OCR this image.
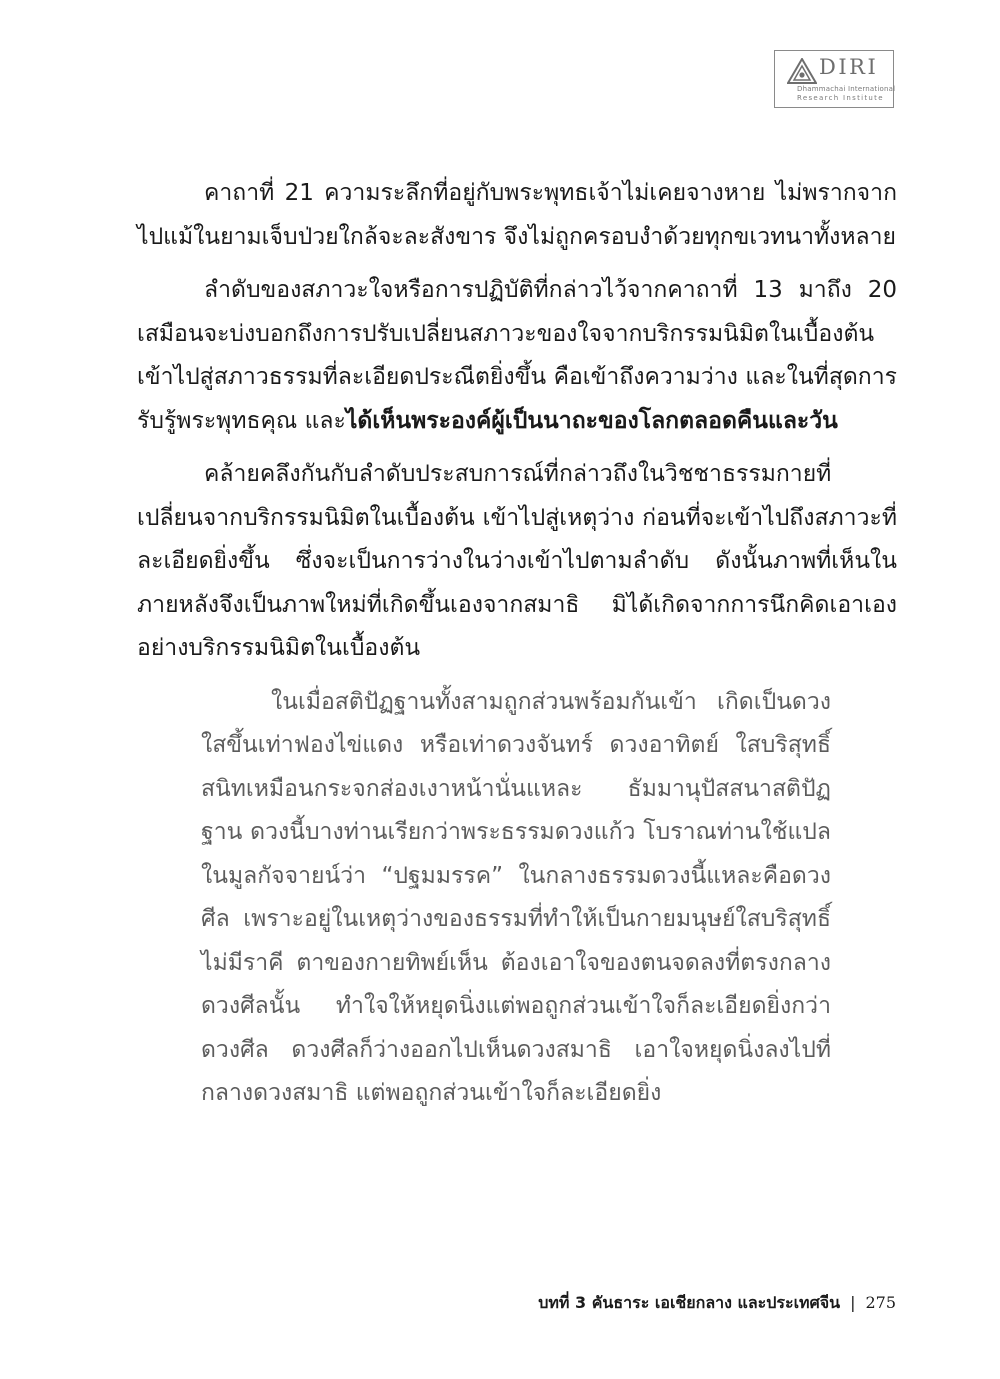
DIRI
Dhammachai International
Research Institute

คาถาที่ 21 ความระลึกที่อยู่กับพระพุทธเจ้าไม่เคยจางหาย ไม่พรากจากไปแม้ในยามเจ็บป่วยใกล้จะละสังขาร จึงไม่ถูกครอบงำด้วยทุกขเวทนาทั้งหลาย

ลำดับของสภาวะใจหรือการปฏิบัติที่กล่าวไว้จากคาถาที่ 13 มาถึง 20 เสมือนจะบ่งบอกถึงการปรับเปลี่ยนสภาวะของใจจากบริกรรมนิมิตในเบื้องต้นเข้าไปสู่สภาวธรรมที่ละเอียดประณีตยิ่งขึ้น คือเข้าถึงความว่าง และในที่สุดการรับรู้พระพุทธคุณ และได้เห็นพระองค์ผู้เป็นนาถะของโลกตลอดคืนและวัน

คล้ายคลึงกันกับลำดับประสบการณ์ที่กล่าวถึงในวิชชาธรรมกายที่เปลี่ยนจากบริกรรมนิมิตในเบื้องต้น เข้าไปสู่เหตุว่าง ก่อนที่จะเข้าไปถึงสภาวะที่ละเอียดยิ่งขึ้น ซึ่งจะเป็นการว่างในว่างเข้าไปตามลำดับ ดังนั้นภาพที่เห็นในภายหลังจึงเป็นภาพใหม่ที่เกิดขึ้นเองจากสมาธิ มิได้เกิดจากการนึกคิดเอาเองอย่างบริกรรมนิมิตในเบื้องต้น

ในเมื่อสติปัฏฐานทั้งสามถูกส่วนพร้อมกันเข้า เกิดเป็นดวงใสขึ้นเท่าฟองไข่แดง หรือเท่าดวงจันทร์ ดวงอาทิตย์ ใสบริสุทธิ์สนิทเหมือนกระจกส่องเงาหน้านั่นแหละ ธัมมานุปัสสนาสติปัฏฐาน ดวงนี้บางท่านเรียกว่าพระธรรมดวงแก้ว โบราณท่านใช้แปลในมูลกัจจายน์ว่า “ปฐมมรรค” ในกลางธรรมดวงนี้แหละคือดวงศีล เพราะอยู่ในเหตุว่างของธรรมที่ทำให้เป็นกายมนุษย์ใสบริสุทธิ์ไม่มีราคี ตาของกายทิพย์เห็น ต้องเอาใจของตนจดลงที่ตรงกลางดวงศีลนั้น ทำใจให้หยุดนิ่งแต่พอถูกส่วนเข้าใจก็ละเอียดยิ่งกว่าดวงศีล ดวงศีลก็ว่างออกไปเห็นดวงสมาธิ เอาใจหยุดนิ่งลงไปที่กลางดวงสมาธิ แต่พอถูกส่วนเข้าใจก็ละเอียดยิ่ง

บทที่ 3 คันธาระ เอเชียกลาง และประเทศจีน | 275
